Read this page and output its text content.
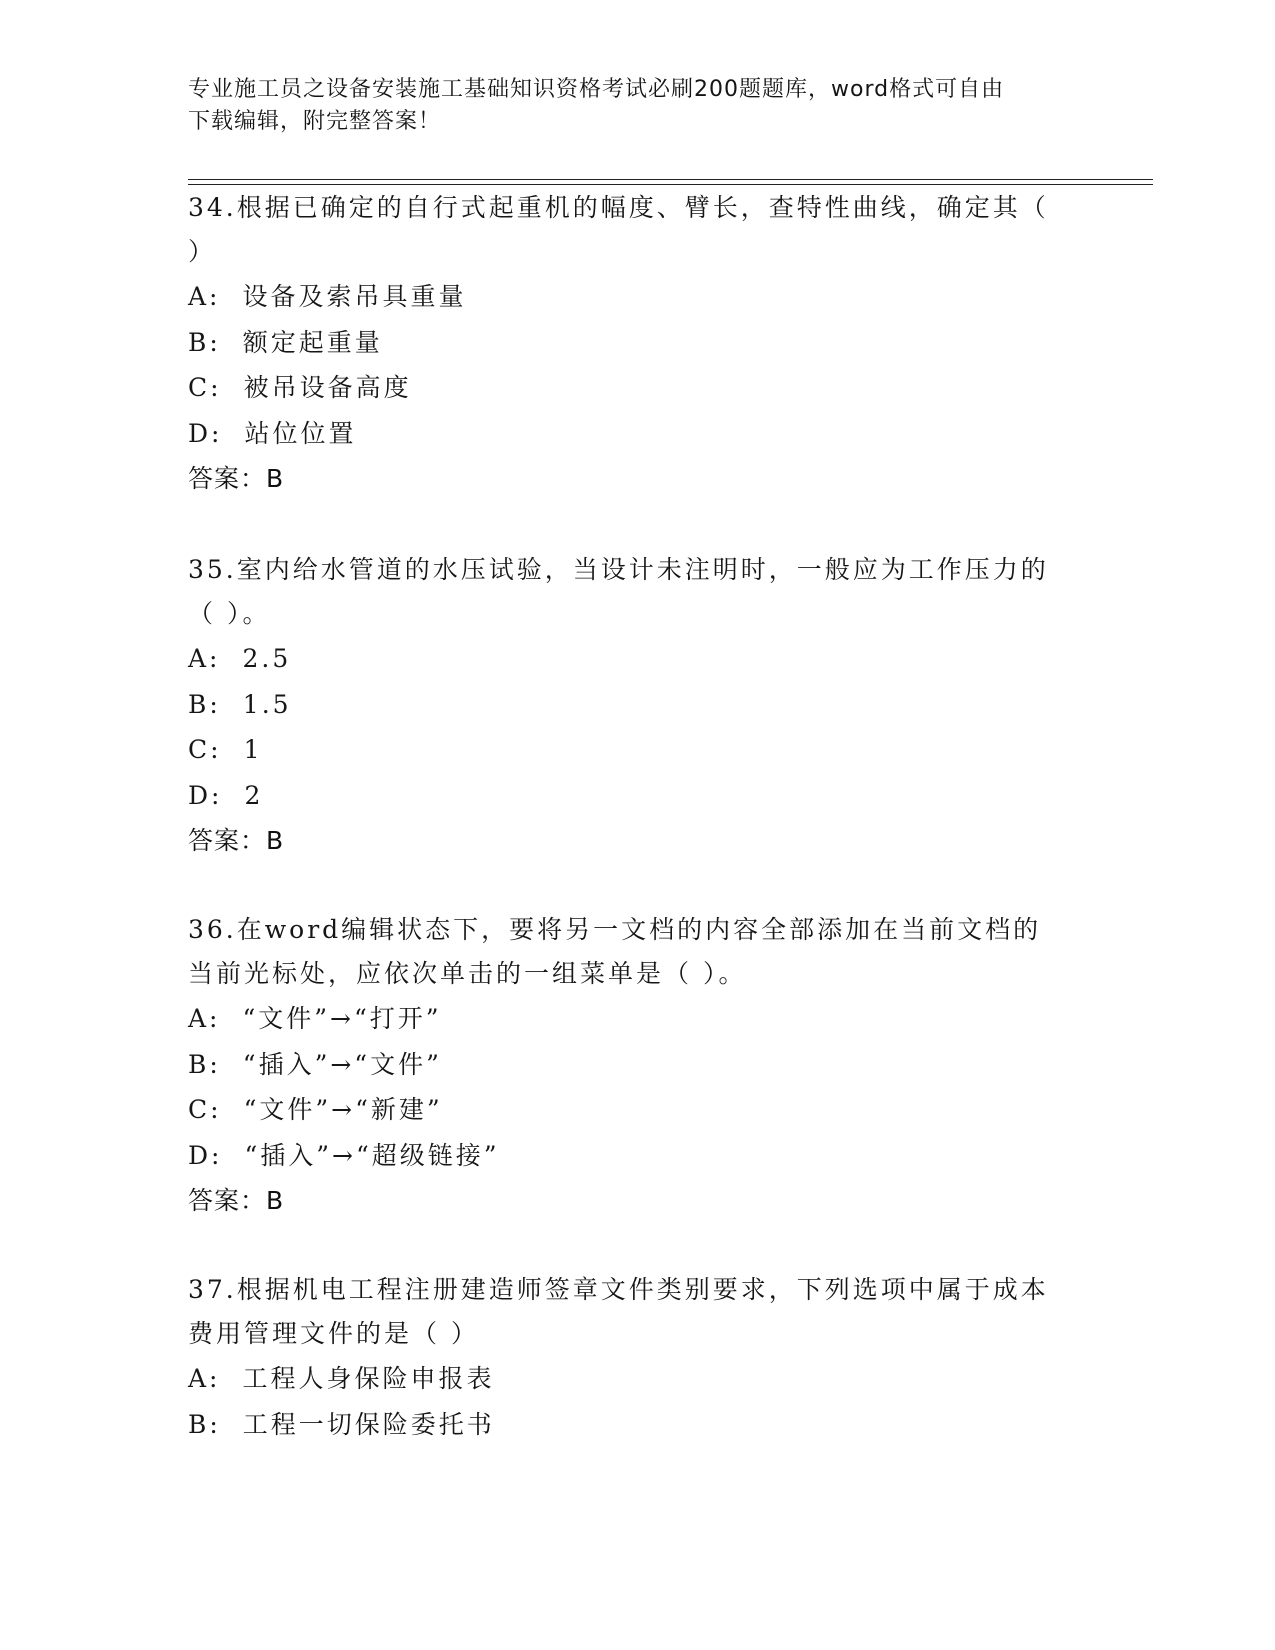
专业施工员之设备安装施工基础知识资格考试必刷200题题库，word格式可自由
下载编辑，附完整答案！
34.根据已确定的自行式起重机的幅度、臂长，查特性曲线，确定其（
）
A: 设备及索吊具重量
B: 额定起重量
C: 被吊设备高度
D: 站位位置
答案：B
35.室内给水管道的水压试验，当设计未注明时，一般应为工作压力的
（ ）。
A: 2.5
B: 1.5
C: 1
D: 2
答案：B
36.在word编辑状态下，要将另一文档的内容全部添加在当前文档的
当前光标处，应依次单击的一组菜单是（ ）。
A: “文件”→“打开”
B: “插入”→“文件”
C: “文件”→“新建”
D: “插入”→“超级链接”
答案：B
37.根据机电工程注册建造师签章文件类别要求，下列选项中属于成本
费用管理文件的是（ ）
A: 工程人身保险申报表
B: 工程一切保险委托书
